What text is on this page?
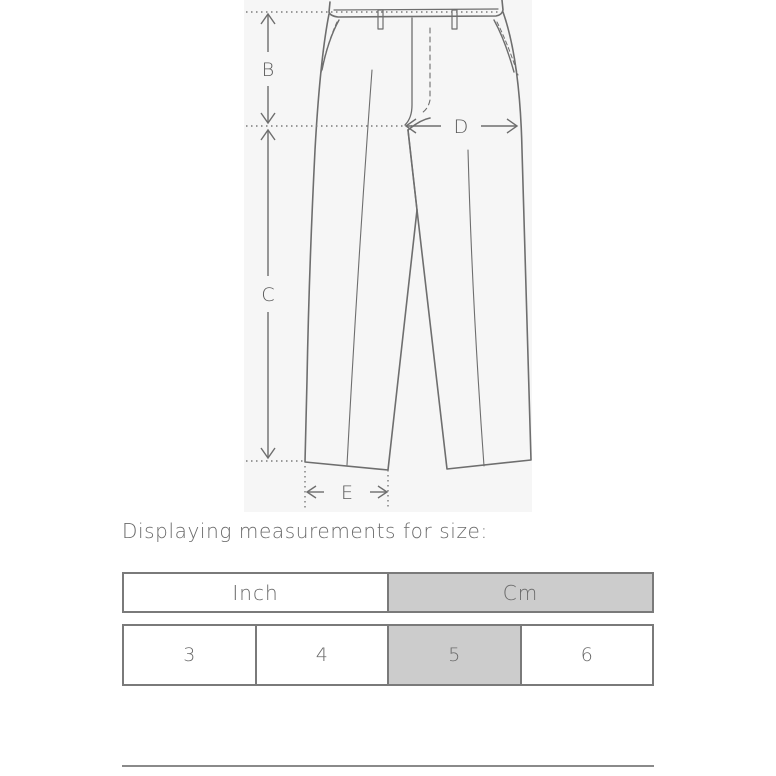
B
C
D
E
Displaying measurements for size:
Inch	Cm
3	4	5	6
